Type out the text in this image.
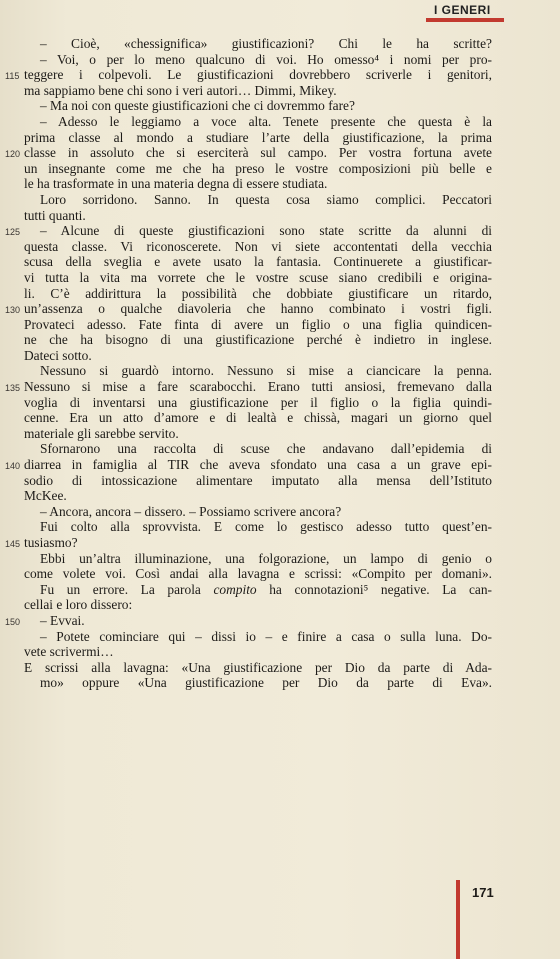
I GENERI
– Cioè, «chessignifica» giustificazioni? Chi le ha scritte?
– Voi, o per lo meno qualcuno di voi. Ho omesso⁴ i nomi per pro-
115 teggere i colpevoli. Le giustificazioni dovrebbero scriverle i genitori,
ma sappiamo bene chi sono i veri autori… Dimmi, Mikey.
– Ma noi con queste giustificazioni che ci dovremmo fare?
– Adesso le leggiamo a voce alta. Tenete presente che questa è la
prima classe al mondo a studiare l’arte della giustificazione, la prima
120 classe in assoluto che si eserciterà sul campo. Per vostra fortuna avete
un insegnante come me che ha preso le vostre composizioni più belle e
le ha trasformate in una materia degna di essere studiata.
Loro sorridono. Sanno. In questa cosa siamo complici. Peccatori
tutti quanti.
125 – Alcune di queste giustificazioni sono state scritte da alunni di
questa classe. Vi riconoscerete. Non vi siete accontentati della vecchia
scusa della sveglia e avete usato la fantasia. Continuerete a giustificar-
vi tutta la vita ma vorrete che le vostre scuse siano credibili e origina-
li. C’è addirittura la possibilità che dobbiate giustificare un ritardo,
130 un’assenza o qualche diavoleria che hanno combinato i vostri figli.
Provateci adesso. Fate finta di avere un figlio o una figlia quindicen-
ne che ha bisogno di una giustificazione perché è indietro in inglese.
Dateci sotto.
Nessuno si guardò intorno. Nessuno si mise a ciancicare la penna.
135 Nessuno si mise a fare scarabocchi. Erano tutti ansiosi, fremevano dalla
voglia di inventarsi una giustificazione per il figlio o la figlia quindi-
cenne. Era un atto d’amore e di lealtà e chissà, magari un giorno quel
materiale gli sarebbe servito.
Sfornarono una raccolta di scuse che andavano dall’epidemia di
140 diarrea in famiglia al TIR che aveva sfondato una casa a un grave epi-
sodio di intossicazione alimentare imputato alla mensa dell’Istituto
McKee.
– Ancora, ancora – dissero. – Possiamo scrivere ancora?
Fui colto alla sprovvista. E come lo gestisco adesso tutto quest’en-
145 tusiasmo?
Ebbi un’altra illuminazione, una folgorazione, un lampo di genio o
come volete voi. Così andai alla lavagna e scrissi: «Compito per domani».
Fu un errore. La parola compito ha connotazioni⁵ negative. La can-
cellai e loro dissero:
150 – Evvai.
– Potete cominciare qui – dissi io – e finire a casa o sulla luna. Do-
vete scrivermi…
E scrissi alla lavagna: «Una giustificazione per Dio da parte di Ada-
mo» oppure «Una giustificazione per Dio da parte di Eva».
171
